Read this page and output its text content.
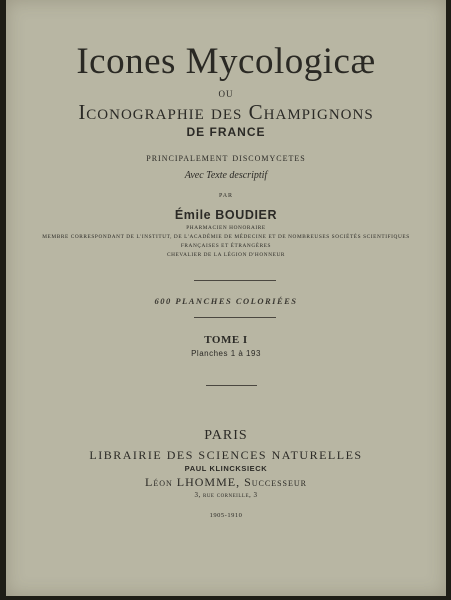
Icones Mycologicæ
OU
Iconographie des Champignons
DE FRANCE
principalement discomycetes
Avec Texte descriptif
PAR
Émile BOUDIER
PHARMACIEN HONORAIRE
MEMBRE CORRESPONDANT DE L'INSTITUT, DE L'ACADÉMIE DE MÉDECINE ET DE NOMBREUSES SOCIÉTÉS SCIENTIFIQUES
FRANÇAISES ET ÉTRANGÈRES
CHEVALIER DE LA LÉGION D'HONNEUR
600 PLANCHES COLORIÉES
TOME I
Planches 1 à 193
PARIS
LIBRAIRIE DES SCIENCES NATURELLES
PAUL KLINCKSIECK
Léon LHOMME, Successeur
3, rue corneille, 3
1905-1910
